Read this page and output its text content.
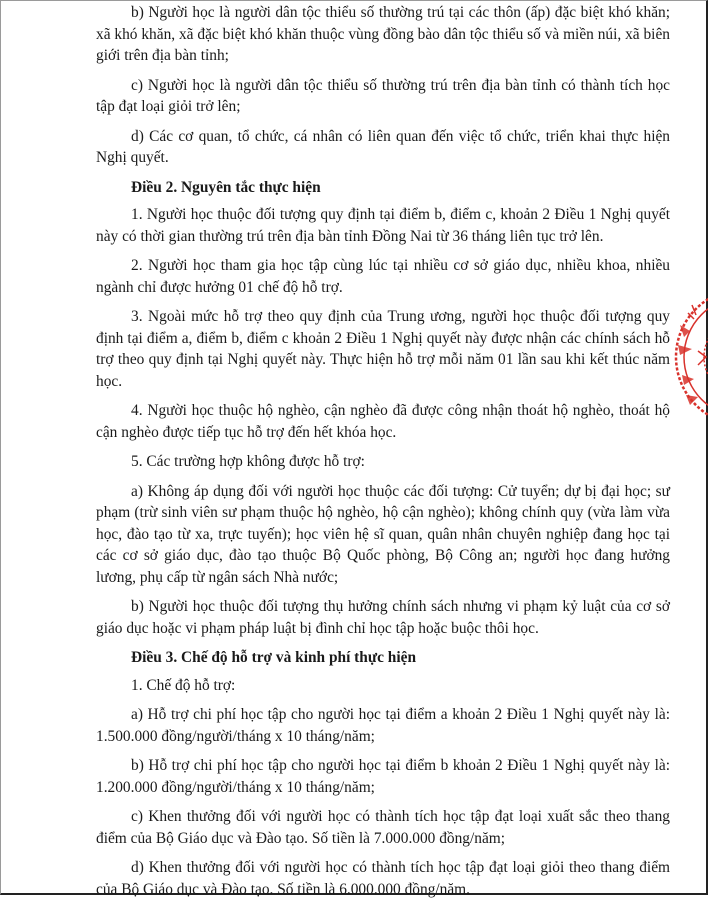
b) Người học là người dân tộc thiểu số thường trú tại các thôn (ấp) đặc biệt khó khăn; xã khó khăn, xã đặc biệt khó khăn thuộc vùng đồng bào dân tộc thiểu số và miền núi, xã biên giới trên địa bàn tỉnh;

c) Người học là người dân tộc thiểu số thường trú trên địa bàn tỉnh có thành tích học tập đạt loại giỏi trở lên;

d) Các cơ quan, tổ chức, cá nhân có liên quan đến việc tổ chức, triển khai thực hiện Nghị quyết.

Điều 2. Nguyên tắc thực hiện

1. Người học thuộc đối tượng quy định tại điểm b, điểm c, khoản 2 Điều 1 Nghị quyết này có thời gian thường trú trên địa bàn tỉnh Đồng Nai từ 36 tháng liên tục trở lên.

2. Người học tham gia học tập cùng lúc tại nhiều cơ sở giáo dục, nhiều khoa, nhiều ngành chỉ được hưởng 01 chế độ hỗ trợ.

3. Ngoài mức hỗ trợ theo quy định của Trung ương, người học thuộc đối tượng quy định tại điểm a, điểm b, điểm c khoản 2 Điều 1 Nghị quyết này được nhận các chính sách hỗ trợ theo quy định tại Nghị quyết này. Thực hiện hỗ trợ mỗi năm 01 lần sau khi kết thúc năm học.

4. Người học thuộc hộ nghèo, cận nghèo đã được công nhận thoát hộ nghèo, thoát hộ cận nghèo được tiếp tục hỗ trợ đến hết khóa học.

5. Các trường hợp không được hỗ trợ:

a) Không áp dụng đối với người học thuộc các đối tượng: Cử tuyển; dự bị đại học; sư phạm (trừ sinh viên sư phạm thuộc hộ nghèo, hộ cận nghèo); không chính quy (vừa làm vừa học, đào tạo từ xa, trực tuyến); học viên hệ sĩ quan, quân nhân chuyên nghiệp đang học tại các cơ sở giáo dục, đào tạo thuộc Bộ Quốc phòng, Bộ Công an; người học đang hưởng lương, phụ cấp từ ngân sách Nhà nước;

b) Người học thuộc đối tượng thụ hưởng chính sách nhưng vi phạm kỷ luật của cơ sở giáo dục hoặc vi phạm pháp luật bị đình chỉ học tập hoặc buộc thôi học.

Điều 3. Chế độ hỗ trợ và kinh phí thực hiện

1. Chế độ hỗ trợ:

a) Hỗ trợ chi phí học tập cho người học tại điểm a khoản 2 Điều 1 Nghị quyết này là: 1.500.000 đồng/người/tháng x 10 tháng/năm;

b) Hỗ trợ chi phí học tập cho người học tại điểm b khoản 2 Điều 1 Nghị quyết này là: 1.200.000 đồng/người/tháng x 10 tháng/năm;

c) Khen thưởng đối với người học có thành tích học tập đạt loại xuất sắc theo thang điểm của Bộ Giáo dục và Đào tạo. Số tiền là 7.000.000 đồng/năm;

d) Khen thưởng đối với người học có thành tích học tập đạt loại giỏi theo thang điểm của Bộ Giáo dục và Đào tạo. Số tiền là 6.000.000 đồng/năm.
